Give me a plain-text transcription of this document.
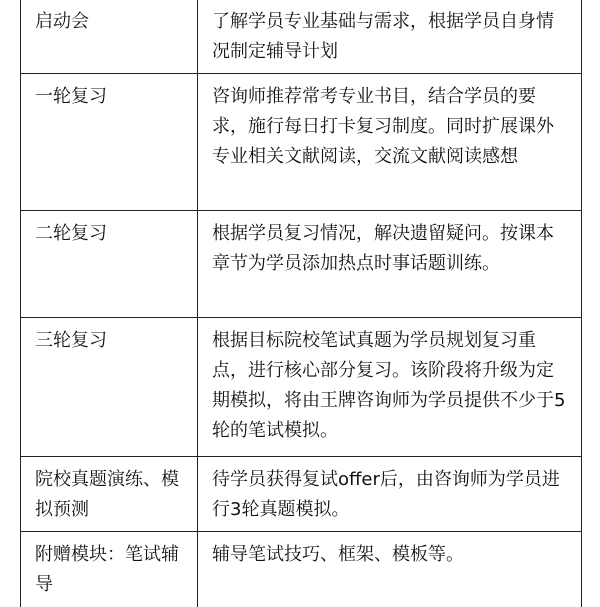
启动会	了解学员专业基础与需求，根据学员自身情况制定辅导计划
一轮复习	咨询师推荐常考专业书目，结合学员的要求，施行每日打卡复习制度。同时扩展课外专业相关文献阅读，交流文献阅读感想
二轮复习	根据学员复习情况，解决遗留疑问。按课本章节为学员添加热点时事话题训练。
三轮复习	根据目标院校笔试真题为学员规划复习重点，进行核心部分复习。该阶段将升级为定期模拟，将由王牌咨询师为学员提供不少于5轮的笔试模拟。
院校真题演练、模拟预测	待学员获得复试offer后，由咨询师为学员进行3轮真题模拟。
附赠模块：笔试辅导	辅导笔试技巧、框架、模板等。
